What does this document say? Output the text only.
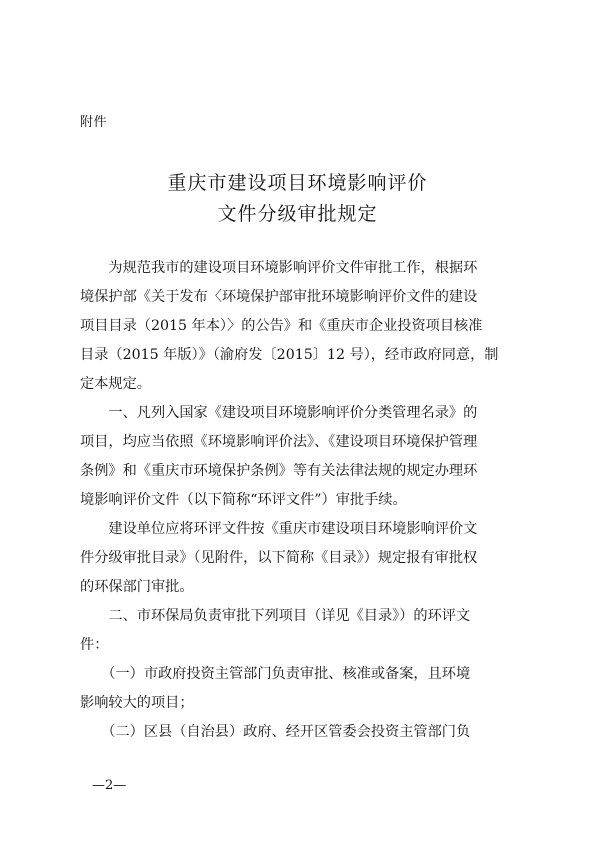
附件
重庆市建设项目环境影响评价
文件分级审批规定
　　为规范我市的建设项目环境影响评价文件审批工作，根据环
境保护部《关于发布〈环境保护部审批环境影响评价文件的建设
项目目录（2015 年本）〉的公告》和《重庆市企业投资项目核准
目录（2015 年版）》（渝府发〔2015〕12 号），经市政府同意，制
定本规定。
　　一、凡列入国家《建设项目环境影响评价分类管理名录》的
项目，均应当依照《环境影响评价法》、《建设项目环境保护管理
条例》和《重庆市环境保护条例》等有关法律法规的规定办理环
境影响评价文件（以下简称“环评文件”）审批手续。
　　建设单位应将环评文件按《重庆市建设项目环境影响评价文
件分级审批目录》（见附件，以下简称《目录》）规定报有审批权
的环保部门审批。
　　二、市环保局负责审批下列项目（详见《目录》）的环评文
件：
　　（一）市政府投资主管部门负责审批、核准或备案，且环境
影响较大的项目；
　　（二）区县（自治县）政府、经开区管委会投资主管部门负
—2—
